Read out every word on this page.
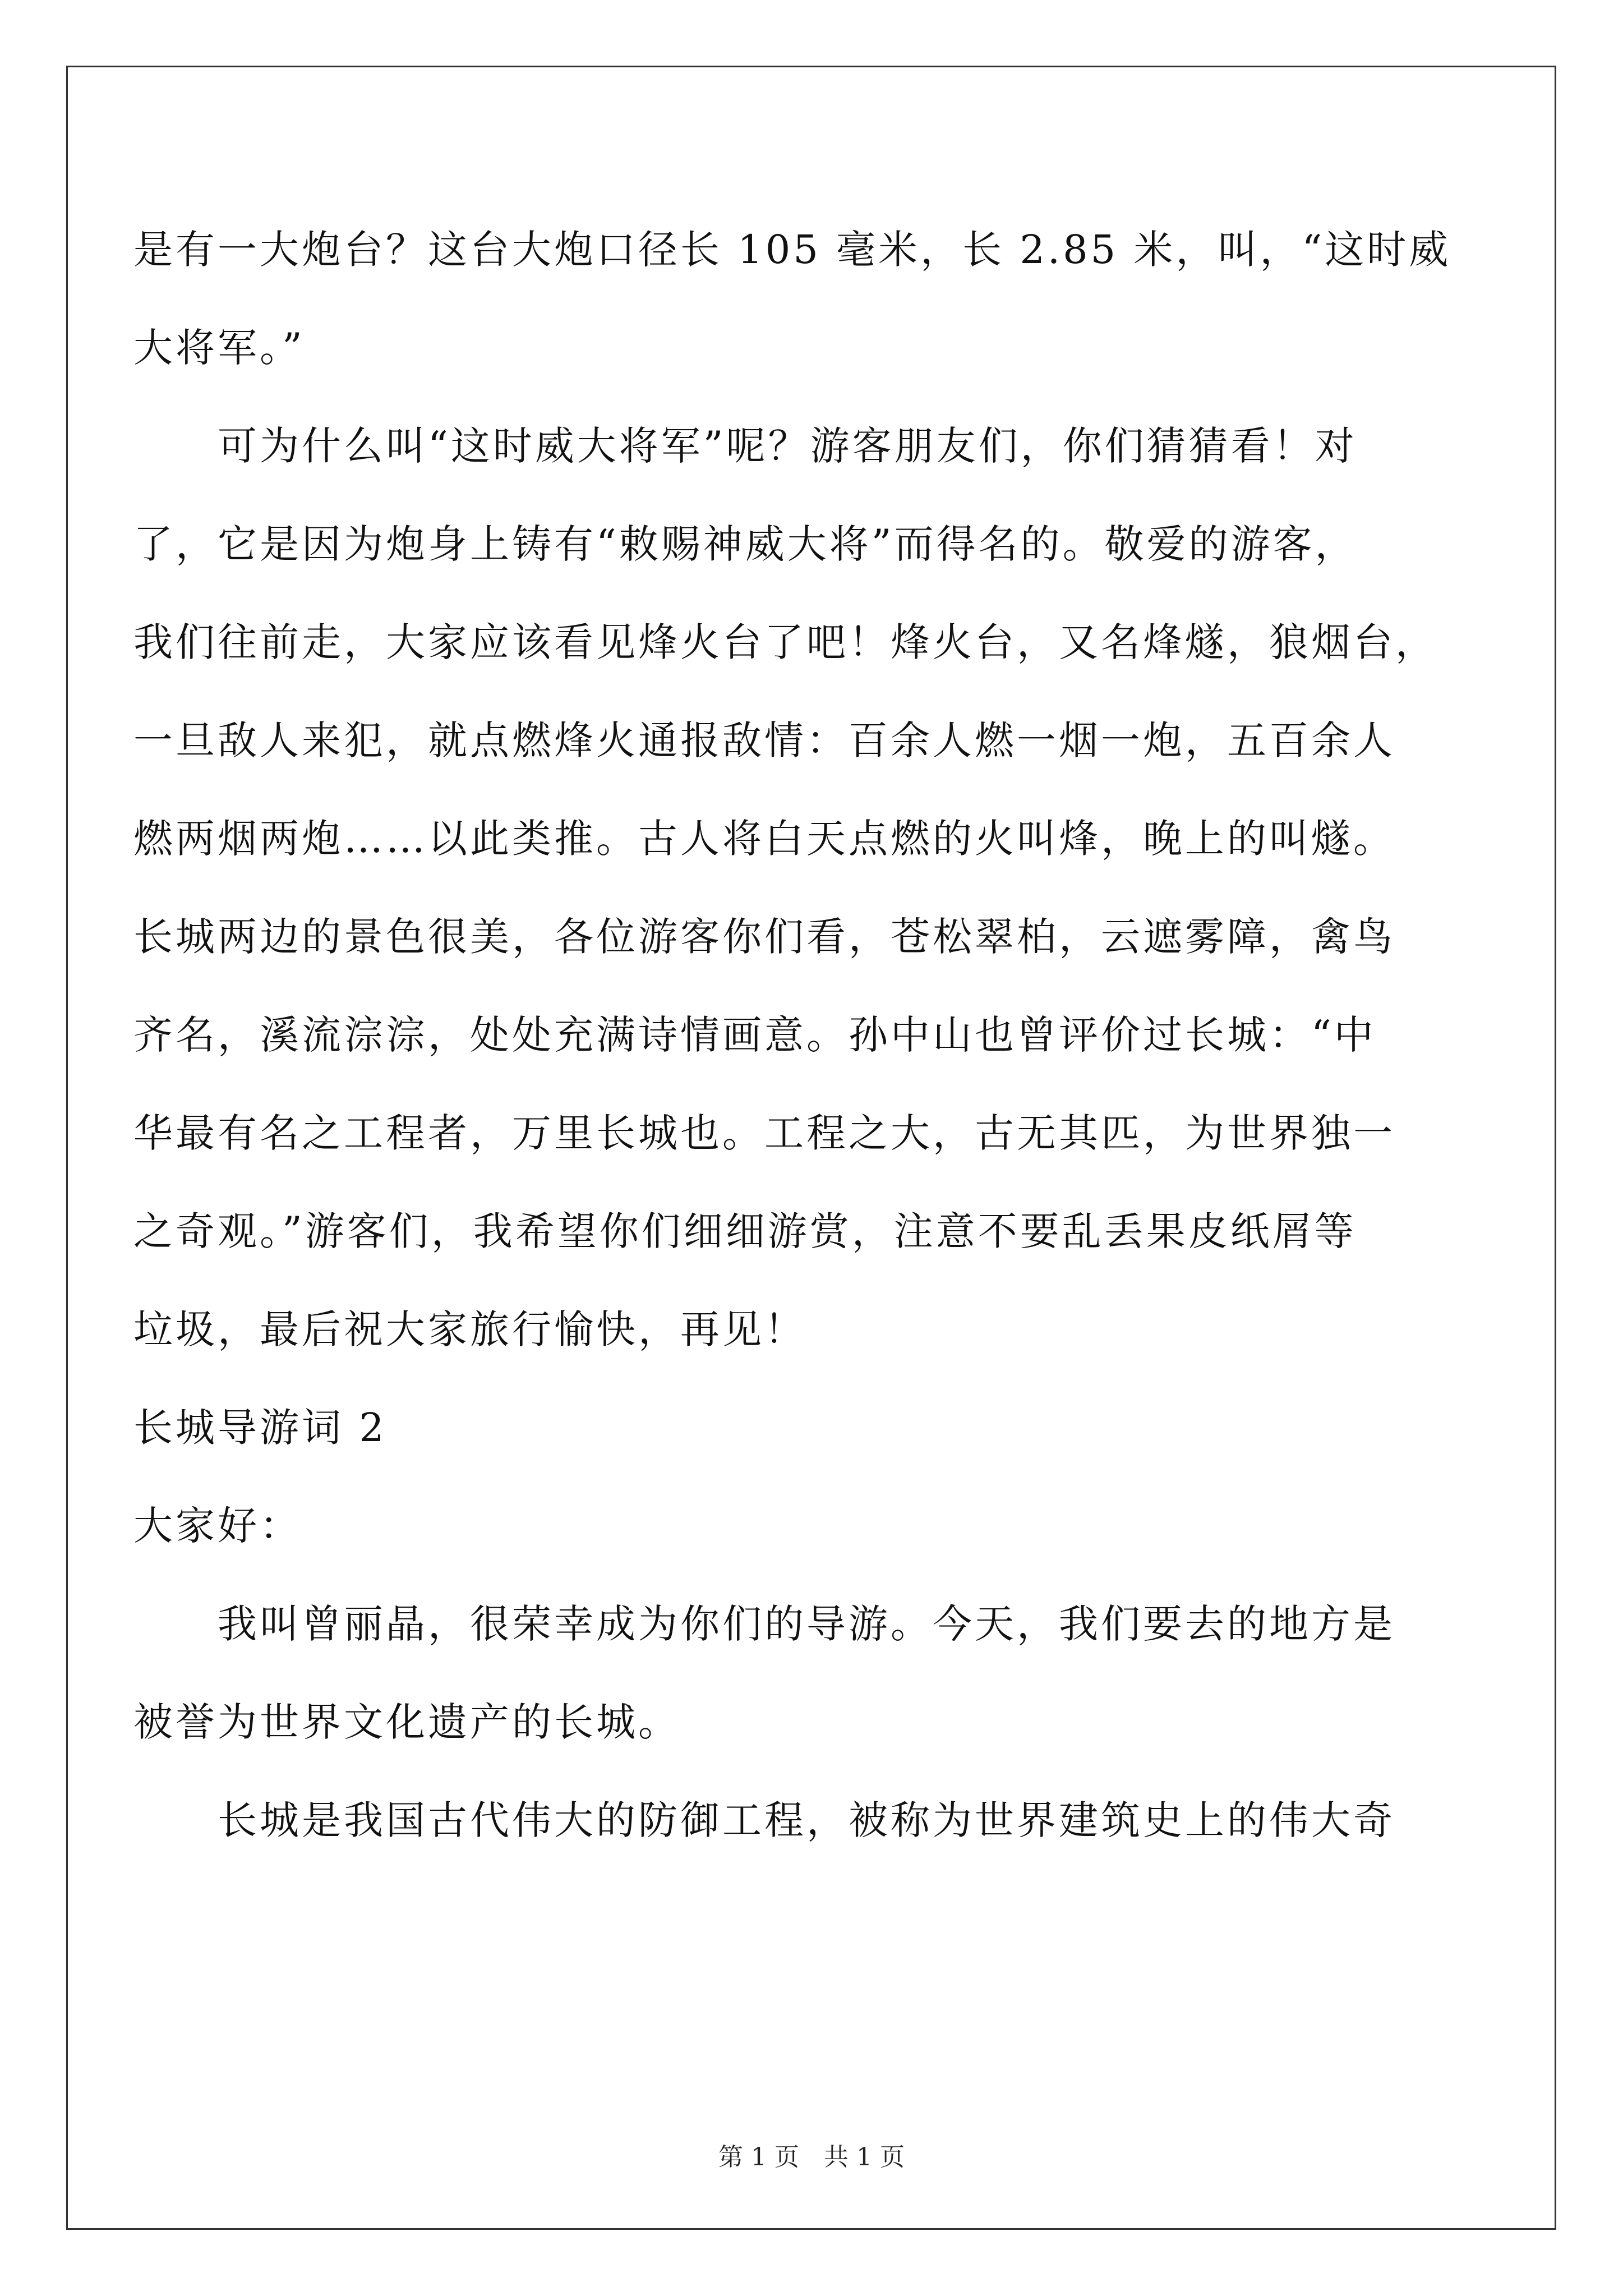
是有一大炮台？这台大炮口径长 105 毫米，长 2.85 米，叫，“这时威
大将军。”
　　可为什么叫“这时威大将军”呢？游客朋友们，你们猜猜看！对
了，它是因为炮身上铸有“敕赐神威大将”而得名的。敬爱的游客，
我们往前走，大家应该看见烽火台了吧！烽火台，又名烽燧，狼烟台，
一旦敌人来犯，就点燃烽火通报敌情：百余人燃一烟一炮，五百余人
燃两烟两炮……以此类推。古人将白天点燃的火叫烽，晚上的叫燧。
长城两边的景色很美，各位游客你们看，苍松翠柏，云遮雾障，禽鸟
齐名，溪流淙淙，处处充满诗情画意。孙中山也曾评价过长城：“中
华最有名之工程者，万里长城也。工程之大，古无其匹，为世界独一
之奇观。”游客们，我希望你们细细游赏，注意不要乱丢果皮纸屑等
垃圾，最后祝大家旅行愉快，再见！
长城导游词 2
大家好：
　　我叫曾丽晶，很荣幸成为你们的导游。今天，我们要去的地方是
被誉为世界文化遗产的长城。
　　长城是我国古代伟大的防御工程，被称为世界建筑史上的伟大奇
第 1 页　共 1 页
